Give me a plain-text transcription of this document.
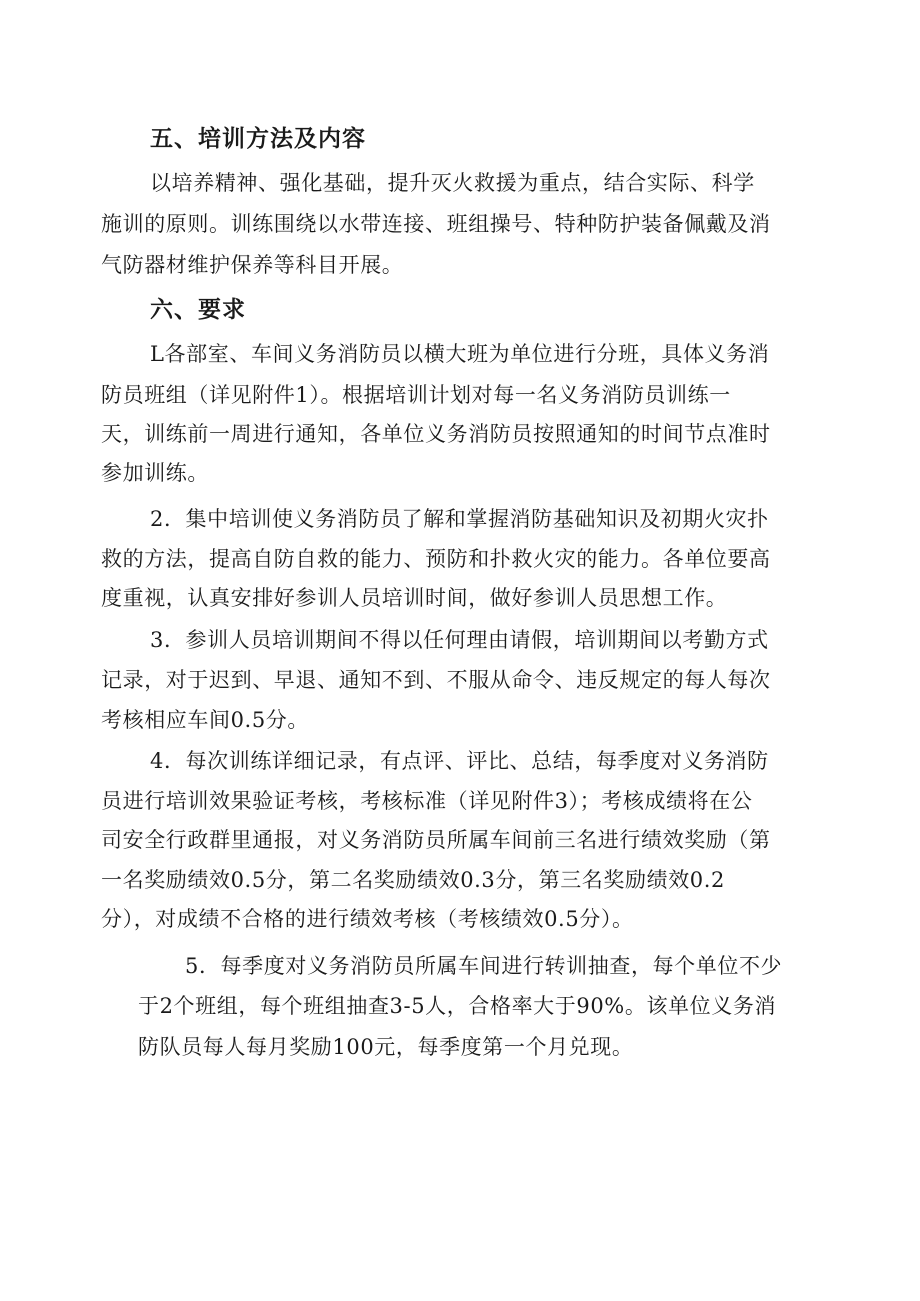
五、培训方法及内容
以培养精神、强化基础，提升灭火救援为重点，结合实际、科学
施训的原则。训练围绕以水带连接、班组操号、特种防护装备佩戴及消
气防器材维护保养等科目开展。
六、要求
L各部室、车间义务消防员以横大班为单位进行分班，具体义务消
防员班组（详见附件1）。根据培训计划对每一名义务消防员训练一
天，训练前一周进行通知，各单位义务消防员按照通知的时间节点准时
参加训练。
2．集中培训使义务消防员了解和掌握消防基础知识及初期火灾扑
救的方法，提高自防自救的能力、预防和扑救火灾的能力。各单位要高
度重视，认真安排好参训人员培训时间，做好参训人员思想工作。
3．参训人员培训期间不得以任何理由请假，培训期间以考勤方式
记录，对于迟到、早退、通知不到、不服从命令、违反规定的每人每次
考核相应车间0.5分。
4．每次训练详细记录，有点评、评比、总结，每季度对义务消防
员进行培训效果验证考核，考核标准（详见附件3）；考核成绩将在公
司安全行政群里通报，对义务消防员所属车间前三名进行绩效奖励（第
一名奖励绩效0.5分，第二名奖励绩效0.3分，第三名奖励绩效0.2
分），对成绩不合格的进行绩效考核（考核绩效0.5分）。
5．每季度对义务消防员所属车间进行转训抽查，每个单位不少
于2个班组，每个班组抽查3-5人，合格率大于90%。该单位义务消
防队员每人每月奖励100元，每季度第一个月兑现。
